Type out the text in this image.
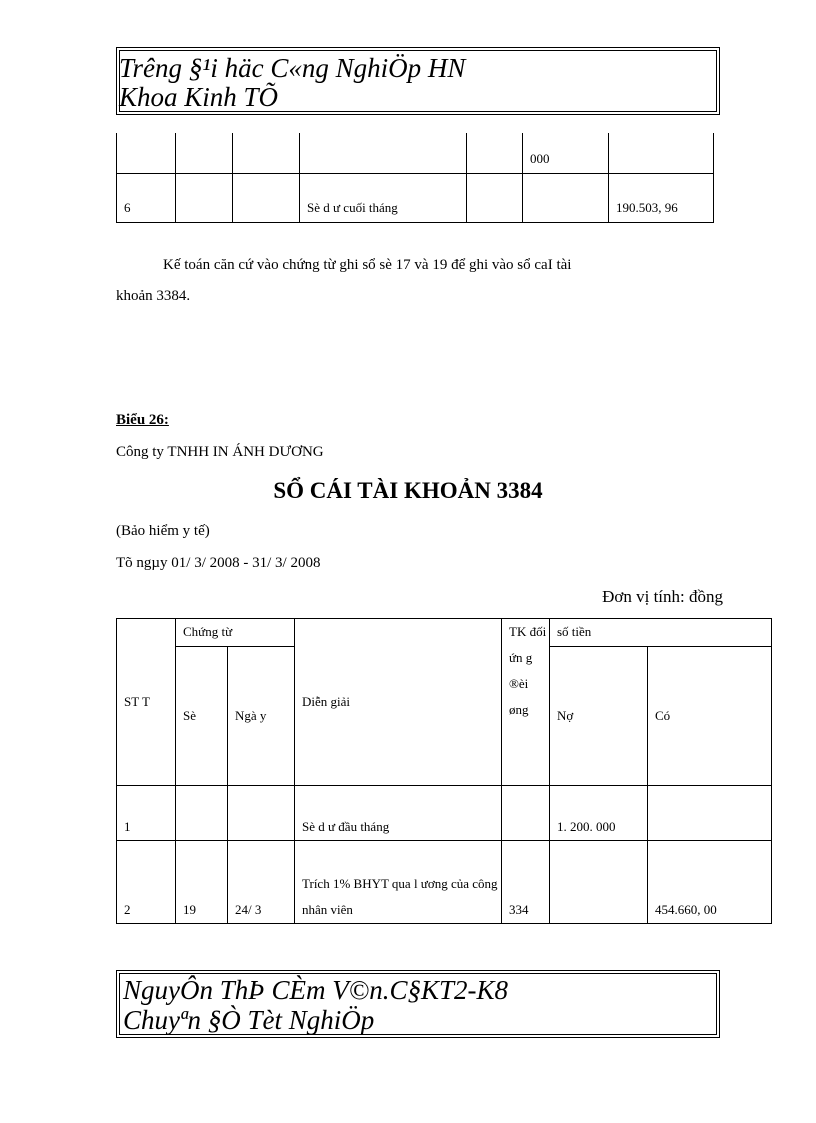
Trêng §¹i häc C«ng NghiÖp HN
Khoa Kinh TÕ
					000	
6			Sè d ư cuối tháng			190.503, 96
Kế toán căn cứ vào chứng từ ghi sổ sè 17 và 19 để ghi vào sổ caI tài
khoản 3384.
Biểu 26:
Công ty TNHH IN ÁNH DƯƠNG
SỔ CÁI TÀI KHOẢN 3384
(Bảo hiểm y tế)
Tõ ngµy 01/ 3/ 2008 - 31/ 3/ 2008
Đơn vị tính: đồng
ST T	Chứng từ		Diễn giải	TK đối ứn g ®èi øng	số tiền	
	Sè	Ngà y			Nợ	Có
1			Sè d ư đầu tháng		1. 200. 000	
2	19	24/ 3	Trích 1% BHYT qua l ương của công nhân viên	334		454.660, 00
NguyÔn ThÞ CÈm V©n.C§KT2-K8
Chuyªn §Ò Tèt NghiÖp
